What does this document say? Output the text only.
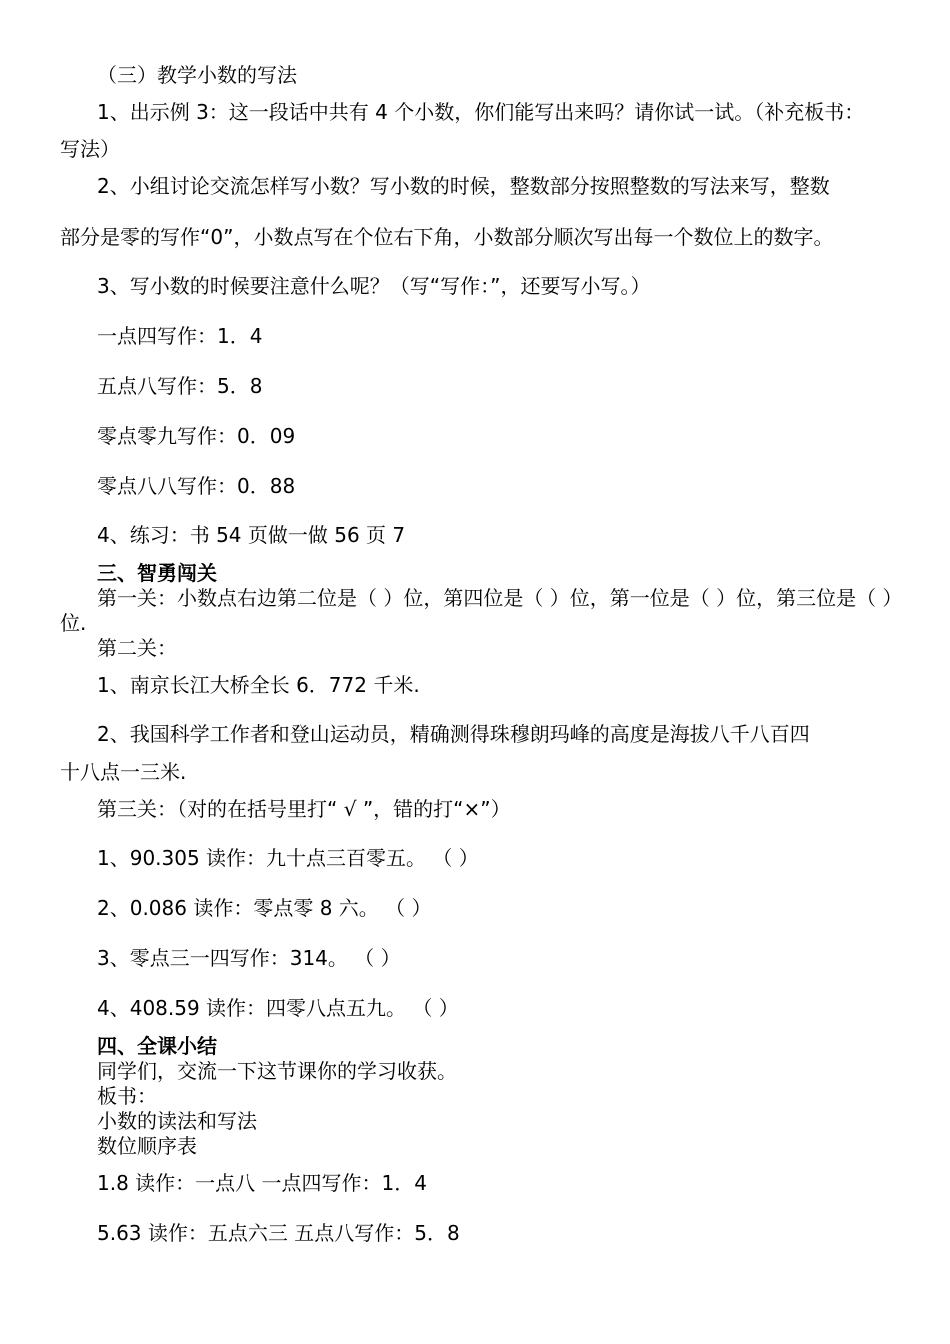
（三）教学小数的写法
1、出示例 3：这一段话中共有 4 个小数，你们能写出来吗？请你试一试。（补充板书：
写法）
2、小组讨论交流怎样写小数？写小数的时候，整数部分按照整数的写法来写，整数
部分是零的写作“0”，小数点写在个位右下角，小数部分顺次写出每一个数位上的数字。
3、写小数的时候要注意什么呢？（写“写作：”，还要写小写。）
一点四写作：1．4
五点八写作：5．8
零点零九写作：0．09
零点八八写作：0．88
4、练习：书 54 页做一做 56 页 7
三、智勇闯关
第一关：小数点右边第二位是（ ）位，第四位是（ ）位，第一位是（ ）位，第三位是（ ）
位.
第二关：
1、南京长江大桥全长 6．772 千米.
2、我国科学工作者和登山运动员，精确测得珠穆朗玛峰的高度是海拔八千八百四
十八点一三米.
第三关：（对的在括号里打“ √ ”，错的打“×”）
1、90.305 读作：九十点三百零五。 （ ）
2、0.086 读作：零点零 8 六。 （ ）
3、零点三一四写作：314。 （ ）
4、408.59 读作：四零八点五九。 （ ）
四、全课小结
同学们，交流一下这节课你的学习收获。
板书：
小数的读法和写法
数位顺序表
1.8 读作：一点八 一点四写作：1．4
5.63 读作：五点六三 五点八写作：5．8
